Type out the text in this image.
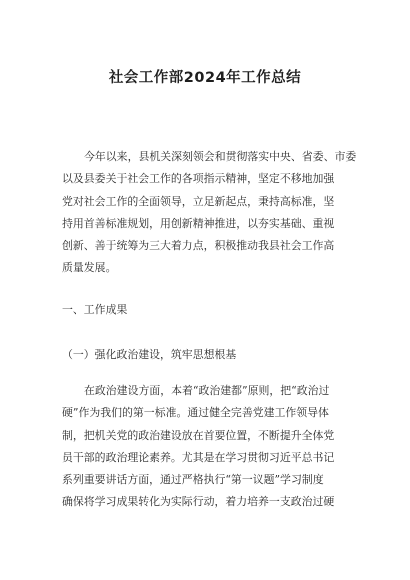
社会工作部2024年工作总结
今年以来，县机关深刻领会和贯彻落实中央、省委、市委
以及县委关于社会工作的各项指示精神，坚定不移地加强
党对社会工作的全面领导，立足新起点，秉持高标准，坚
持用首善标准规划，用创新精神推进，以夯实基础、重视
创新、善于统筹为三大着力点，积极推动我县社会工作高
质量发展。
一、工作成果
（一）强化政治建设，筑牢思想根基
在政治建设方面，本着“政治建都”原则，把“政治过
硬”作为我们的第一标准。通过健全完善党建工作领导体
制，把机关党的政治建设放在首要位置，不断提升全体党
员干部的政治理论素养。尤其是在学习贯彻习近平总书记
系列重要讲话方面，通过严格执行“第一议题”学习制度
确保将学习成果转化为实际行动，着力培养一支政治过硬
